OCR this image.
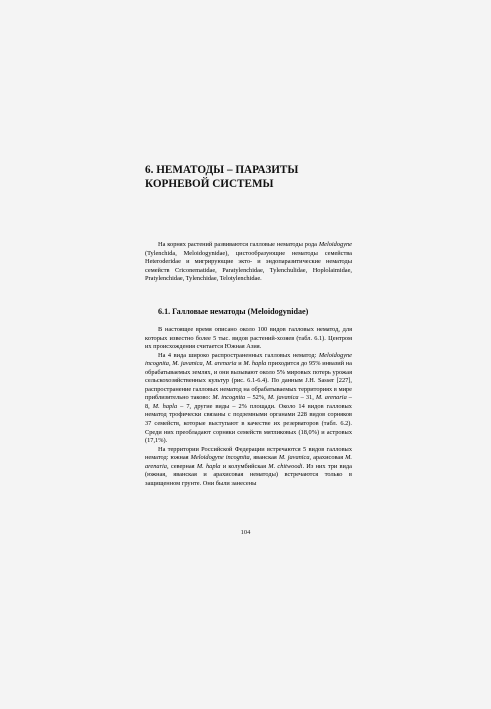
6. НЕМАТОДЫ – ПАРАЗИТЫ КОРНЕВОЙ СИСТЕМЫ

На корнях растений развиваются галловые нематоды рода Meloidogyne (Tylenchida, Meloidogynidae), цистообразующие нематоды семейства Heteroderidae и мигрирующие экто- и эндопаразитические нематоды семейств Criconematidae, Paratylenchidae, Tylenchulidae, Hoplolaimidae, Pratylenchidae, Tylenchidae, Telotylenchidae.

6.1. Галловые нематоды (Meloidogynidae)

В настоящее время описано около 100 видов галловых нематод, для которых известно более 5 тыс. видов растений-хозяев (табл. 6.1). Центром их происхождения считается Южная Азия.

На 4 вида широко распространенных галловых нематод: Meloidogyne incognita, M. javanica, M. arenaria и M. hapla приходится до 95% инвазий на обрабатываемых землях, и они вызывают около 5% мировых потерь урожая сельскохозяйственных культур (рис. 6.1-6.4). По данным J.H. Sasser [227], распространение галловых нематод на обрабатываемых территориях в мире приблизительно таково: M. incognita – 52%, M. javanica – 31, M. arenaria – 8, M. hapla – 7, другие виды – 2% площади. Около 14 видов галловых нематод трофически связаны с подземными органами 228 видов сорняков 37 семейств, которые выступают в качестве их резерваторов (табл. 6.2). Среди них преобладают сорняки семейств мятликовых (18,0%) и астровых (17,1%).

На территории Российской Федерации встречаются 5 видов галловых нематод: южная Meloidogyne incognita, яванская M. javanica, арахисовая M. arenaria, северная M. hapla и колумбийская M. chitwoodi. Из них три вида (южная, яванская и арахисовая нематоды) встречаются только в защищенном грунте. Они были занесены

104
